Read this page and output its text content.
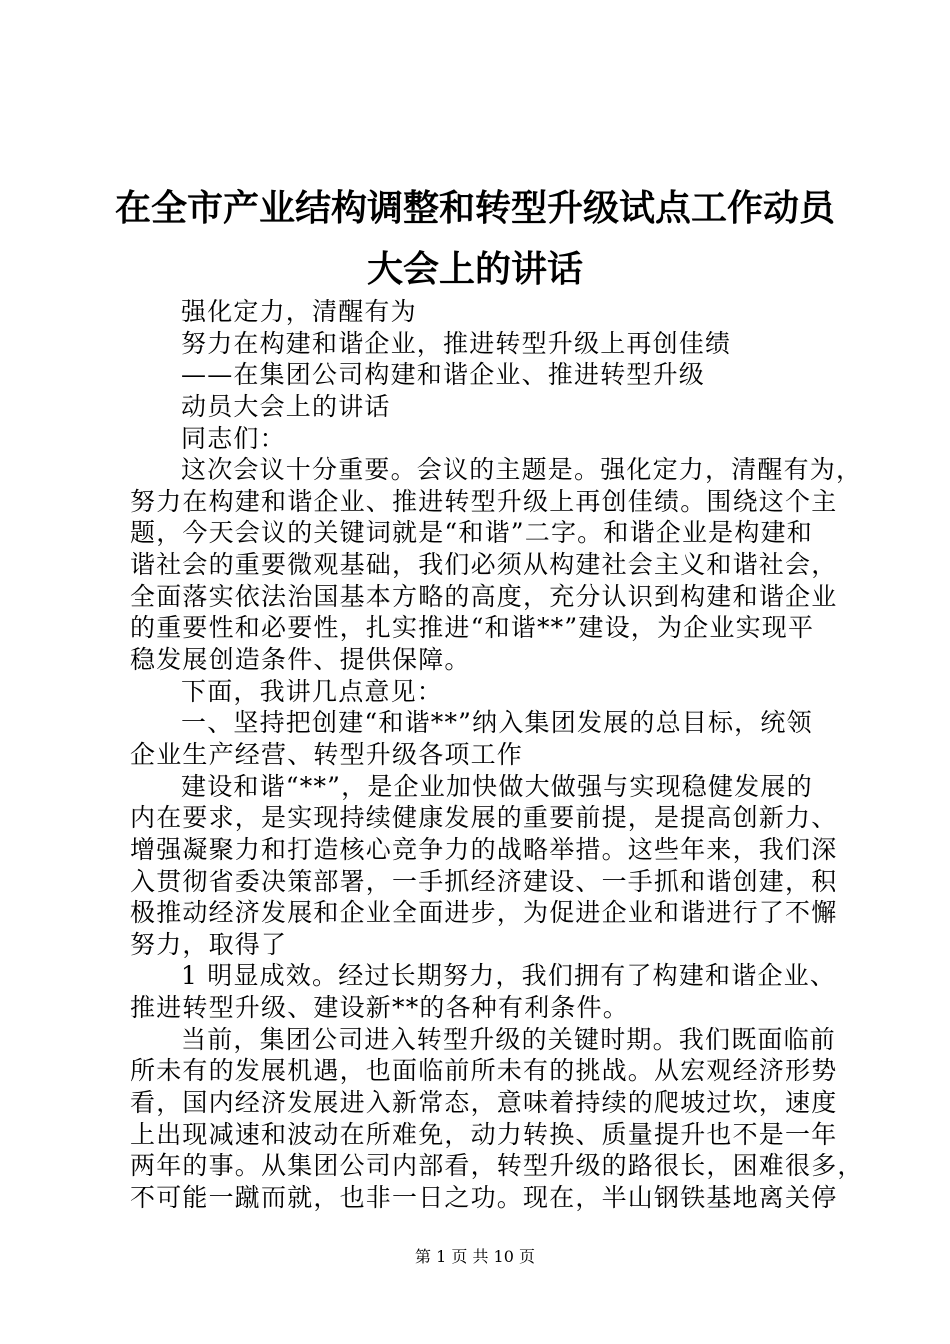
在全市产业结构调整和转型升级试点工作动员
大会上的讲话
强化定力，清醒有为
努力在构建和谐企业，推进转型升级上再创佳绩
——在集团公司构建和谐企业、推进转型升级
动员大会上的讲话
同志们：
这次会议十分重要。会议的主题是。强化定力，清醒有为，
努力在构建和谐企业、推进转型升级上再创佳绩。围绕这个主
题，今天会议的关键词就是“和谐”二字。和谐企业是构建和
谐社会的重要微观基础，我们必须从构建社会主义和谐社会，
全面落实依法治国基本方略的高度，充分认识到构建和谐企业
的重要性和必要性，扎实推进“和谐**”建设，为企业实现平
稳发展创造条件、提供保障。
下面，我讲几点意见：
一、坚持把创建“和谐**”纳入集团发展的总目标，统领
企业生产经营、转型升级各项工作
建设和谐“**”，是企业加快做大做强与实现稳健发展的
内在要求，是实现持续健康发展的重要前提，是提高创新力、
增强凝聚力和打造核心竞争力的战略举措。这些年来，我们深
入贯彻省委决策部署，一手抓经济建设、一手抓和谐创建，积
极推动经济发展和企业全面进步，为促进企业和谐进行了不懈
努力，取得了
1 明显成效。经过长期努力，我们拥有了构建和谐企业、
推进转型升级、建设新**的各种有利条件。
当前，集团公司进入转型升级的关键时期。我们既面临前
所未有的发展机遇，也面临前所未有的挑战。从宏观经济形势
看，国内经济发展进入新常态，意味着持续的爬坡过坎，速度
上出现减速和波动在所难免，动力转换、质量提升也不是一年
两年的事。从集团公司内部看，转型升级的路很长，困难很多，
不可能一蹴而就，也非一日之功。现在，半山钢铁基地离关停
第 1 页 共 10 页
